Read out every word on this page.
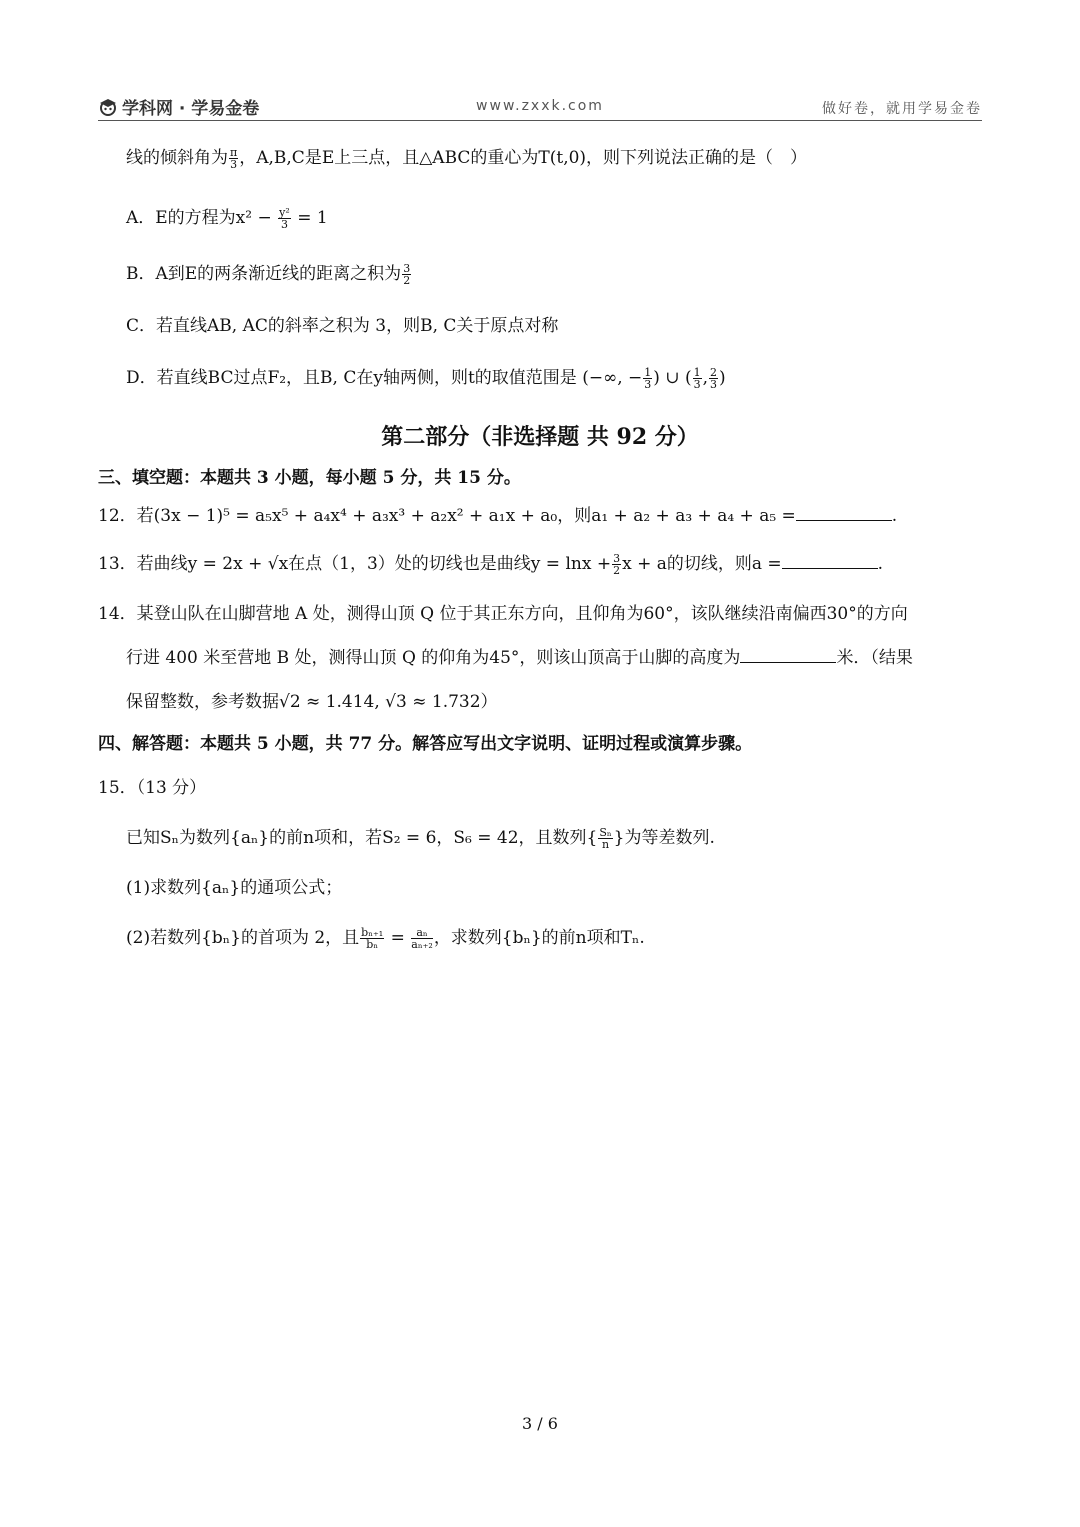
学科网 · 学易金卷	www.zxxk.com	做好卷，就用学易金卷
线的倾斜角为 $\frac{\pi}{3}$ ，A,B,C是E上三点，且△ABC的重心为T(t,0)，则下列说法正确的是（　）
A．E的方程为$x^2 - \frac{\text{y²}}{3} = 1$
B．A到E的两条渐近线的距离之积为 $\frac{3}{2}$
C．若直线AB, AC的斜率之积为 3，则B, C关于原点对称
D．若直线BC过点F₂，且B, C在y轴两侧，则t的取值范围是 (−∞, − $\frac{1}{3}$ ) ∪ ( $\frac{1}{3}$ , $\frac{2}{3}$ )
第二部分（非选择题 共 92 分）
三、填空题：本题共 3 小题，每小题 5 分，共 15 分。
12．若(3x − 1)⁵ = a₅x⁵ + a₄x⁴ + a₃x³ + a₂x² + a₁x + a₀，则a₁ + a₂ + a₃ + a₄ + a₅ =	.
13．若曲线y = 2x + √x在点（1，3）处的切线也是曲线$y = \ln x + \frac{3}{2}$ x + a的切线，则a =	.
14．某登山队在山脚营地 A 处，测得山顶 Q 位于其正东方向，且仰角为60°，该队继续沿南偏西30°的方向
行进 400 米至营地 B 处，测得山顶 Q 的仰角为45°，则该山顶高于山脚的高度为	米．（结果
保留整数，参考数据√2 ≈ 1.414, √3 ≈ 1.732）
四、解答题：本题共 5 小题，共 77 分。解答应写出文字说明、证明过程或演算步骤。
15．（13 分）
已知Sₙ为数列{aₙ}的前n项和，若S₂ = 6，S₆ = 42，且数列{ $\frac{\text{Sₙ}}{n}$ }为等差数列.
(1)求数列{aₙ}的通项公式；
(2)若数列{bₙ}的首项为 2，且 $\frac{\text{bₙ₊₁}}{\text{bₙ}} = \frac{\text{aₙ}}{\text{aₙ₊₂}}$ ，求数列{bₙ}的前n项和Tₙ.
3 / 6
